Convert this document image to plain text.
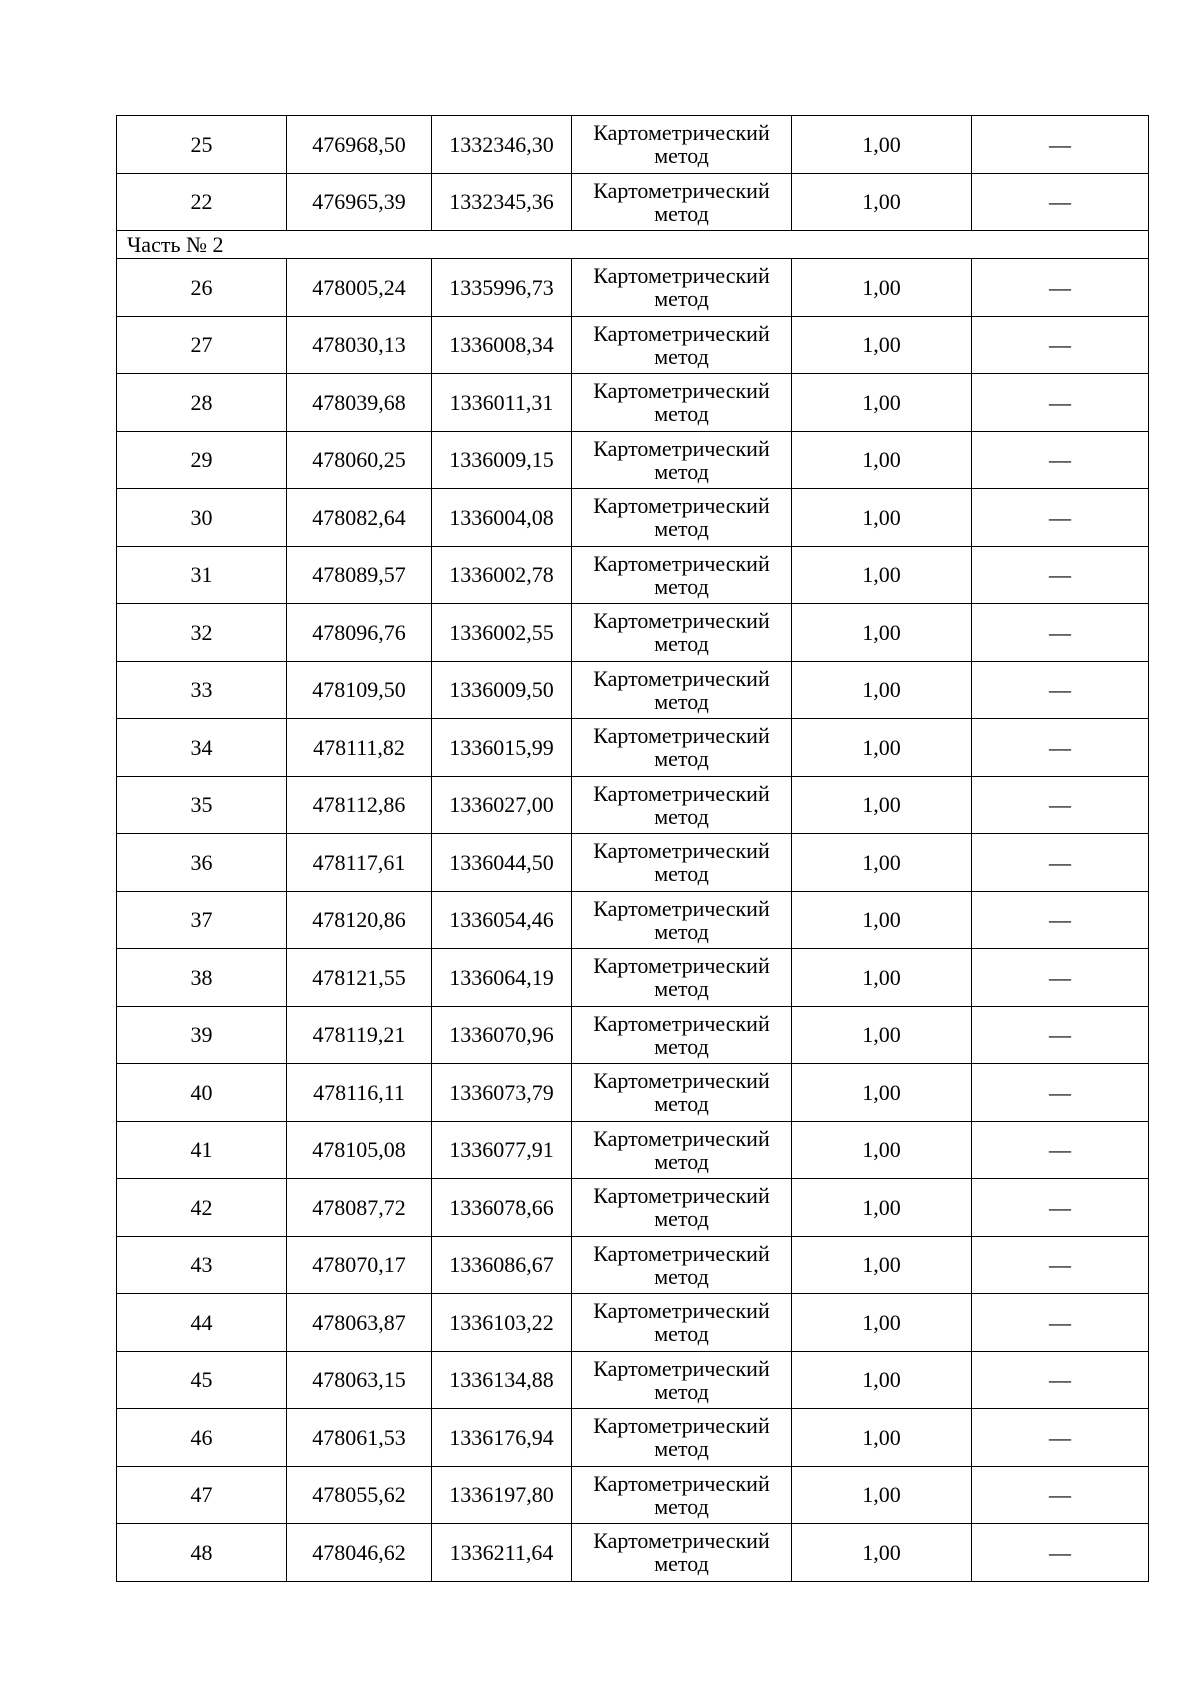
25	476968,50	1332346,30	Картометрический метод	1,00	—
22	476965,39	1332345,36	Картометрический метод	1,00	—
Часть № 2					
26	478005,24	1335996,73	Картометрический метод	1,00	—
27	478030,13	1336008,34	Картометрический метод	1,00	—
28	478039,68	1336011,31	Картометрический метод	1,00	—
29	478060,25	1336009,15	Картометрический метод	1,00	—
30	478082,64	1336004,08	Картометрический метод	1,00	—
31	478089,57	1336002,78	Картометрический метод	1,00	—
32	478096,76	1336002,55	Картометрический метод	1,00	—
33	478109,50	1336009,50	Картометрический метод	1,00	—
34	478111,82	1336015,99	Картометрический метод	1,00	—
35	478112,86	1336027,00	Картометрический метод	1,00	—
36	478117,61	1336044,50	Картометрический метод	1,00	—
37	478120,86	1336054,46	Картометрический метод	1,00	—
38	478121,55	1336064,19	Картометрический метод	1,00	—
39	478119,21	1336070,96	Картометрический метод	1,00	—
40	478116,11	1336073,79	Картометрический метод	1,00	—
41	478105,08	1336077,91	Картометрический метод	1,00	—
42	478087,72	1336078,66	Картометрический метод	1,00	—
43	478070,17	1336086,67	Картометрический метод	1,00	—
44	478063,87	1336103,22	Картометрический метод	1,00	—
45	478063,15	1336134,88	Картометрический метод	1,00	—
46	478061,53	1336176,94	Картометрический метод	1,00	—
47	478055,62	1336197,80	Картометрический метод	1,00	—
48	478046,62	1336211,64	Картометрический метод	1,00	—
